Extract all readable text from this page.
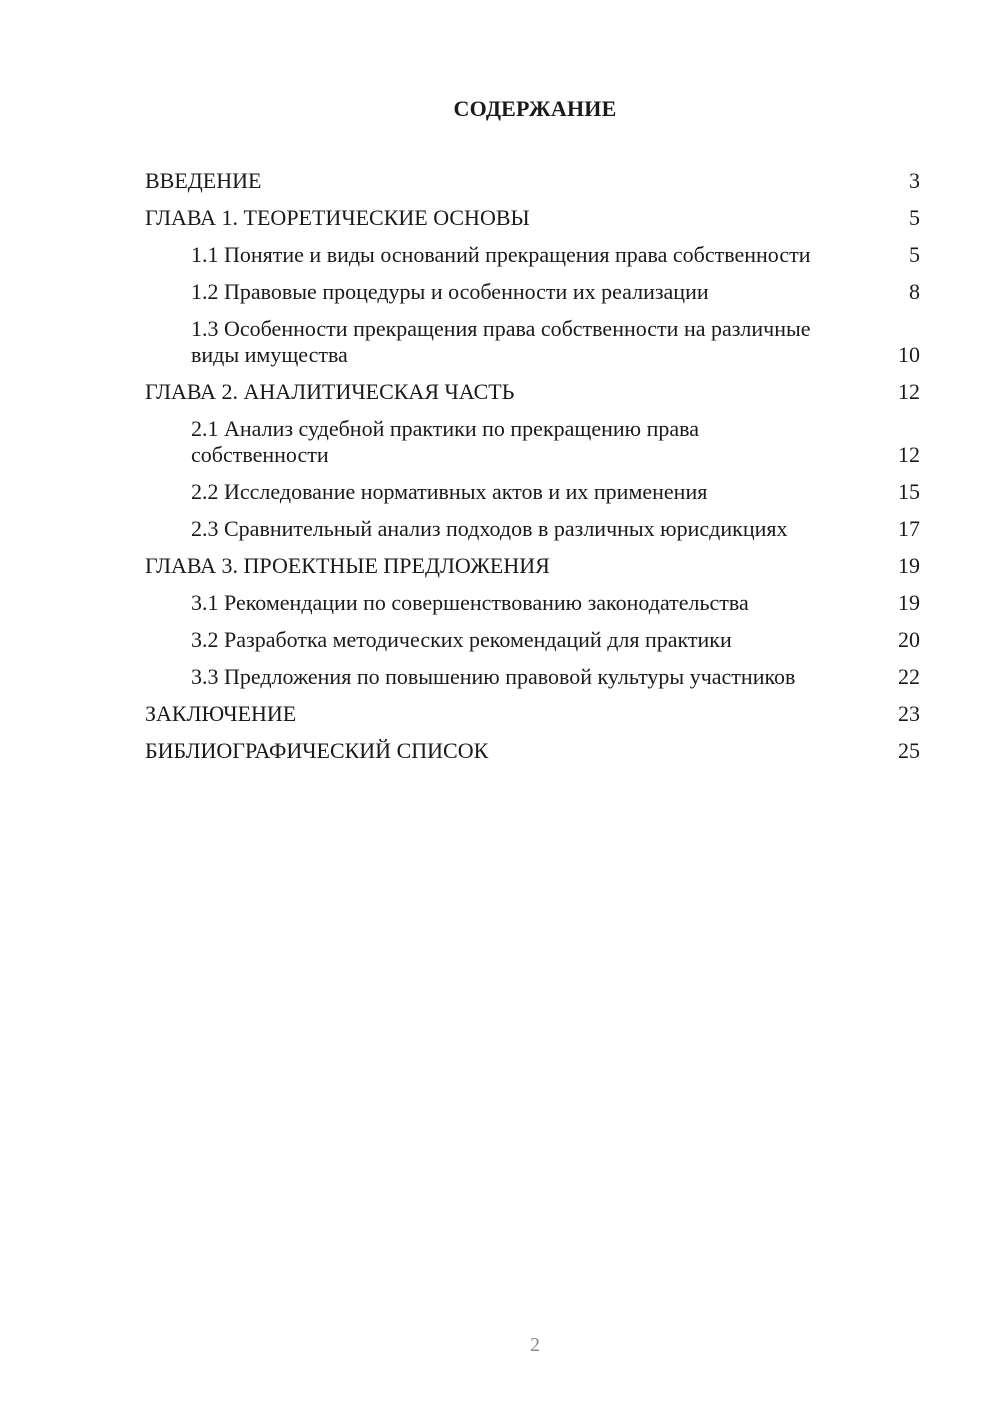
СОДЕРЖАНИЕ
ВВЕДЕНИЕ	3
ГЛАВА 1. ТЕОРЕТИЧЕСКИЕ ОСНОВЫ	5
1.1 Понятие и виды оснований прекращения права собственности	5
1.2 Правовые процедуры и особенности их реализации	8
1.3 Особенности прекращения права собственности на различные виды имущества	10
ГЛАВА 2. АНАЛИТИЧЕСКАЯ ЧАСТЬ	12
2.1 Анализ судебной практики по прекращению права собственности	12
2.2 Исследование нормативных актов и их применения	15
2.3 Сравнительный анализ подходов в различных юрисдикциях	17
ГЛАВА 3. ПРОЕКТНЫЕ ПРЕДЛОЖЕНИЯ	19
3.1 Рекомендации по совершенствованию законодательства	19
3.2 Разработка методических рекомендаций для практики	20
3.3 Предложения по повышению правовой культуры участников	22
ЗАКЛЮЧЕНИЕ	23
БИБЛИОГРАФИЧЕСКИЙ СПИСОК	25
2
